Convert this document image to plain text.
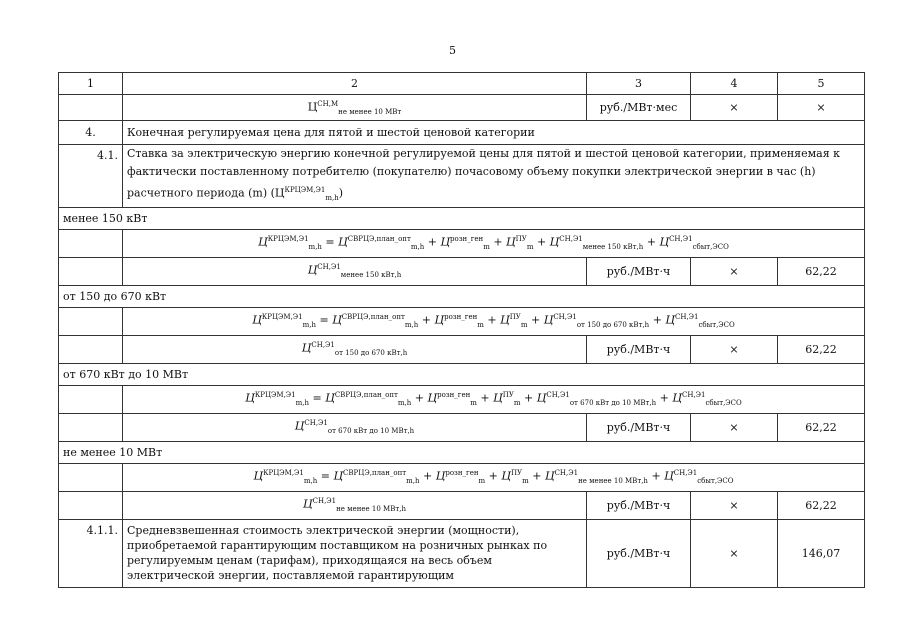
5
1	2	3	4	5
	$Ц^{СН,М}_{не менее 10 МВт}$	руб./МВт·мес	×	×
4.	Конечная регулируемая цена для пятой и шестой ценовой категории			
4.1.	Ставка за электрическую энергию конечной регулируемой цены для пятой и шестой ценовой категории, применяемая к фактически поставленному потребителю (покупателю) почасовому объему покупки электрической энергии в час (h) расчетного периода (m) $(Ц^{КРЦЭМ,Э1}_{m,h})$			
менее 150 кВт				
	$Ц^{КРЦЭМ,Э1}_{m,h} = Ц^{СВРЦЭ,план\_опт}_{m,h} + Ц^{розн\_ген}_m + Ц^{ПУ}_m + Ц^{СН,Э1}_{менее 150 кВт,h} + Ц^{СН,Э1}_{сбыт,ЭСО}$
	$Ц^{СН,Э1}_{менее 150 кВт,h}$	руб./МВт·ч	×	62,22
от 150 до 670 кВт				
	$Ц^{КРЦЭМ,Э1}_{m,h} = Ц^{СВРЦЭ,план\_опт}_{m,h} + Ц^{розн\_ген}_m + Ц^{ПУ}_m + Ц^{СН,Э1}_{от 150 до 670 кВт,h} + Ц^{СН,Э1}_{сбыт,ЭСО}$
	$Ц^{СН,Э1}_{от 150 до 670 кВт,h}$	руб./МВт·ч	×	62,22
от 670 кВт до 10 МВт				
	$Ц^{КРЦЭМ,Э1}_{m,h} = Ц^{СВРЦЭ,план\_опт}_{m,h} + Ц^{розн\_ген}_m + Ц^{ПУ}_m + Ц^{СН,Э1}_{от 670 кВт до 10 МВт,h} + Ц^{СН,Э1}_{сбыт,ЭСО}$
	$Ц^{СН,Э1}_{от 670 кВт до 10 МВт,h}$	руб./МВт·ч	×	62,22
не менее 10 МВт				
	$Ц^{КРЦЭМ,Э1}_{m,h} = Ц^{СВРЦЭ,план\_опт}_{m,h} + Ц^{розн\_ген}_m + Ц^{ПУ}_m + Ц^{СН,Э1}_{не менее 10 МВт,h} + Ц^{СН,Э1}_{сбыт,ЭСО}$
	$Ц^{СН,Э1}_{не менее 10 МВт,h}$	руб./МВт·ч	×	62,22
4.1.1.	Средневзвешенная стоимость электрической энергии (мощности), приобретаемой гарантирующим поставщиком на розничных рынках по регулируемым ценам (тарифам), приходящаяся на весь объем электрической энергии, поставляемой гарантирующим	руб./МВт·ч	×	146,07
